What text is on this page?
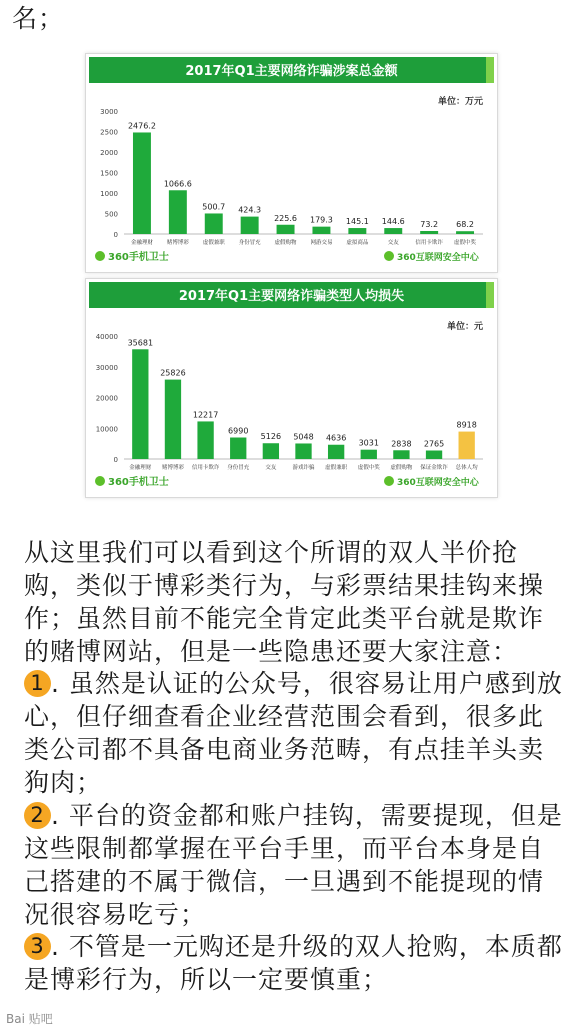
名；
2017年Q1主要网络诈骗涉案总金额
单位：万元
0
500
1000
1500
2000
2500
3000
2476.2
金融理财
1066.6
赌博博彩
500.7
虚假兼职
424.3
身份冒充
225.6
虚假购物
179.3
网游交易
145.1
虚拟商品
144.6
交友
73.2
信用卡欺诈
68.2
虚假中奖
360手机卫士	360互联网安全中心
2017年Q1主要网络诈骗类型人均损失
单位：元
0
10000
20000
30000
40000
35681
金融理财
25826
赌博博彩
12217
信用卡欺诈
6990
身份冒充
5126
交友
5048
游戏诈骗
4636
虚假兼职
3031
虚假中奖
2838
虚假购物
2765
保证金欺诈
8918
总体人均
360手机卫士	360互联网安全中心

从这里我们可以看到这个所谓的双人半价抢购，类似于博彩类行为，与彩票结果挂钩来操作；虽然目前不能完全肯定此类平台就是欺诈的赌博网站，但是一些隐患还要大家注意：

1 . 虽然是认证的公众号，很容易让用户感到放心，但仔细查看企业经营范围会看到，很多此类公司都不具备电商业务范畴，有点挂羊头卖狗肉；

2 . 平台的资金都和账户挂钩，需要提现，但是这些限制都掌握在平台手里，而平台本身是自己搭建的不属于微信，一旦遇到不能提现的情况很容易吃亏；

3 . 不管是一元购还是升级的双人抢购，本质都是博彩行为，所以一定要慎重；

Bai 贴吧
